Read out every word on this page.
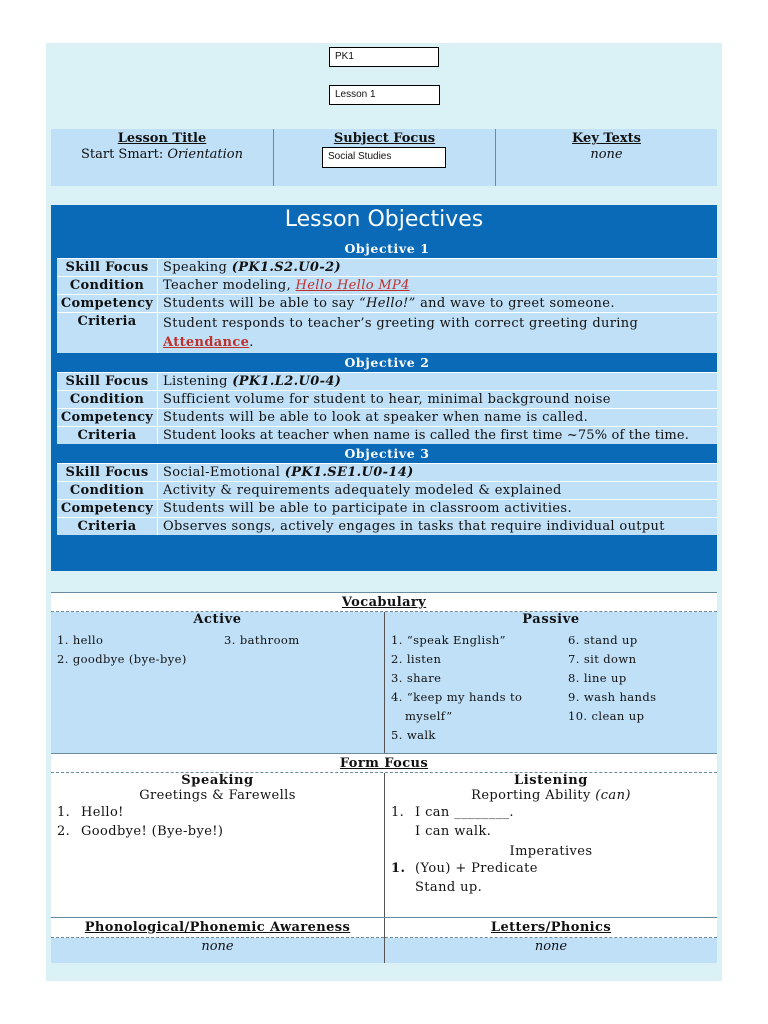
PK1
Lesson 1
Lesson Title
Start Smart: Orientation
Subject Focus
Social Studies
Key Texts
none
Lesson Objectives
Objective 1
Skill Focus	Speaking (PK1.S2.U0-2)
Condition	Teacher modeling, Hello Hello MP4
Competency Students will be able to say “Hello!” and wave to greet someone.
Criteria	Student responds to teacher’s greeting with correct greeting during Attendance.
Objective 2
Skill Focus	Listening (PK1.L2.U0-4)
Condition	Sufficient volume for student to hear, minimal background noise
Competency Students will be able to look at speaker when name is called.
Criteria	Student looks at teacher when name is called the first time ~75% of the time.
Objective 3
Skill Focus	Social-Emotional (PK1.SE1.U0-14)
Condition	Activity & requirements adequately modeled & explained
Competency Students will be able to participate in classroom activities.
Criteria	Observes songs, actively engages in tasks that require individual output
Vocabulary
Active
1. hello
2. goodbye (bye-bye)
3. bathroom
Passive
1. “speak English”
2. listen
3. share
4. “keep my hands to
myself”
5. walk
6. stand up
7. sit down
8. line up
9. wash hands
10. clean up
Form Focus
Speaking
Greetings & Farewells
1. Hello!
2. Goodbye! (Bye-bye!)
Listening
Reporting Ability (can)
1. I can ________.
I can walk.
Imperatives
1. (You) + Predicate
Stand up.
Phonological/Phonemic Awareness
none
Letters/Phonics
none
